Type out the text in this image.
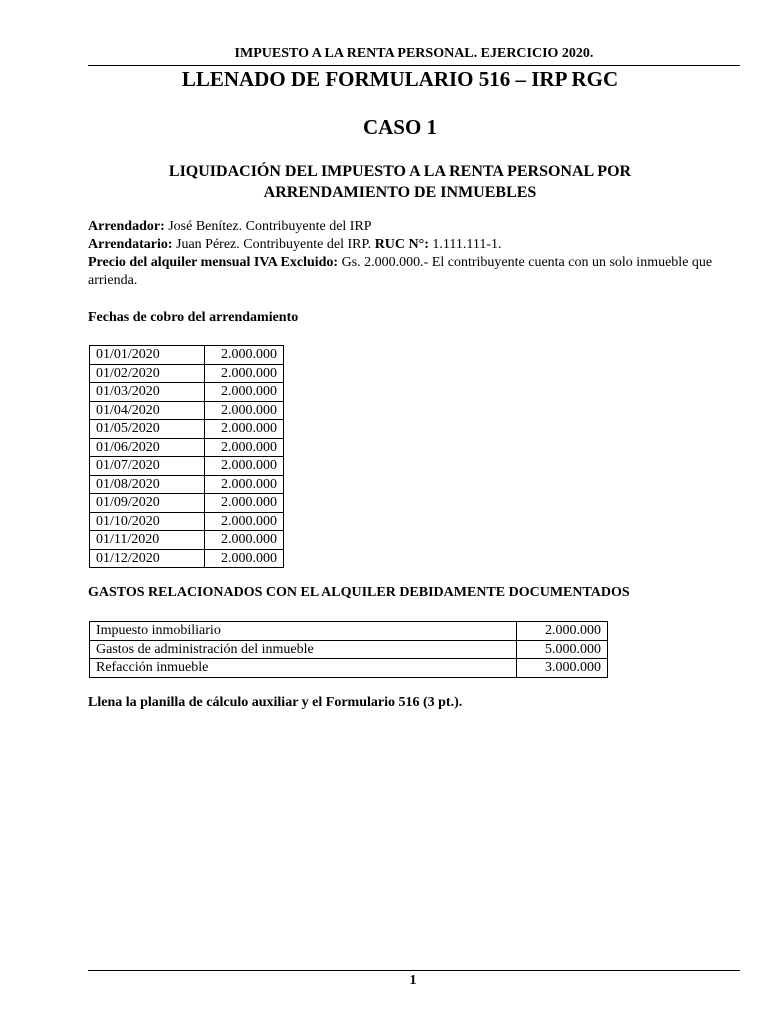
IMPUESTO A LA RENTA PERSONAL. EJERCICIO 2020.
LLENADO DE FORMULARIO 516 – IRP RGC
CASO 1
LIQUIDACIÓN DEL IMPUESTO A LA RENTA PERSONAL POR
ARRENDAMIENTO DE INMUEBLES
Arrendador: José Benítez. Contribuyente del IRP
Arrendatario: Juan Pérez. Contribuyente del IRP. RUC N°: 1.111.111-1.
Precio del alquiler mensual IVA Excluido: Gs. 2.000.000.- El contribuyente cuenta con un solo inmueble que arrienda.
Fechas de cobro del arrendamiento
01/01/2020	2.000.000
01/02/2020	2.000.000
01/03/2020	2.000.000
01/04/2020	2.000.000
01/05/2020	2.000.000
01/06/2020	2.000.000
01/07/2020	2.000.000
01/08/2020	2.000.000
01/09/2020	2.000.000
01/10/2020	2.000.000
01/11/2020	2.000.000
01/12/2020	2.000.000
GASTOS RELACIONADOS CON EL ALQUILER DEBIDAMENTE DOCUMENTADOS
Impuesto inmobiliario	2.000.000
Gastos de administración del inmueble	5.000.000
Refacción inmueble	3.000.000
Llena la planilla de cálculo auxiliar y el Formulario 516 (3 pt.).
1
